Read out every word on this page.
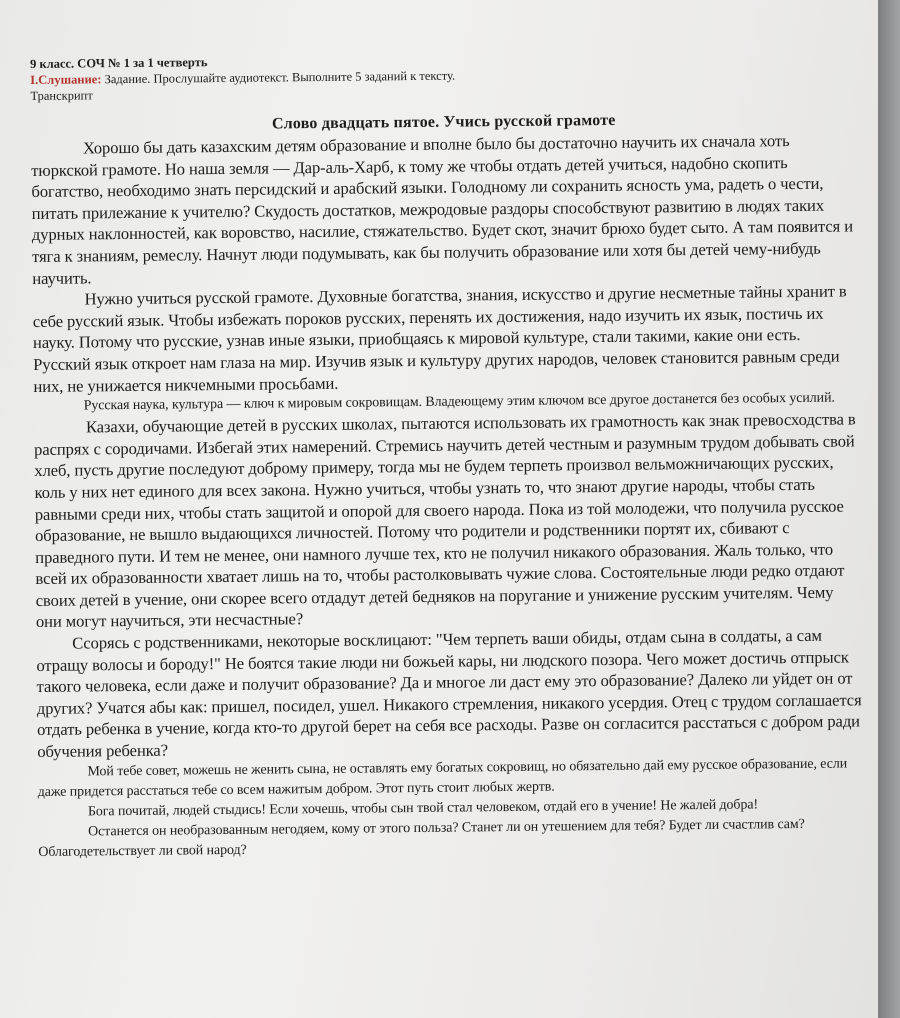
9 класс. СОЧ № 1 за 1 четверть
I.Слушание: Задание. Прослушайте аудиотекст. Выполните 5 заданий к тексту.
Транскрипт
Слово двадцать пятое. Учись русской грамоте

Хорошо бы дать казахским детям образование и вполне было бы достаточно научить их сначала хоть тюркской грамоте. Но наша земля — Дар-аль-Харб, к тому же чтобы отдать детей учиться, надобно скопить богатство, необходимо знать персидский и арабский языки. Голодному ли сохранить ясность ума, радеть о чести, питать прилежание к учителю? Скудость достатков, межродовые раздоры способствуют развитию в людях таких дурных наклонностей, как воровство, насилие, стяжательство. Будет скот, значит брюхо будет сыто. А там появится и тяга к знаниям, ремеслу. Начнут люди подумывать, как бы получить образование или хотя бы детей чему-нибудь научить.

Нужно учиться русской грамоте. Духовные богатства, знания, искусство и другие несметные тайны хранит в себе русский язык. Чтобы избежать пороков русских, перенять их достижения, надо изучить их язык, постичь их науку. Потому что русские, узнав иные языки, приобщаясь к мировой культуре, стали такими, какие они есть. Русский язык откроет нам глаза на мир. Изучив язык и культуру других народов, человек становится равным среди них, не унижается никчемными просьбами.

Русская наука, культура — ключ к мировым сокровищам. Владеющему этим ключом все другое достанется без особых усилий.

Казахи, обучающие детей в русских школах, пытаются использовать их грамотность как знак превосходства в распрях с сородичами. Избегай этих намерений. Стремись научить детей честным и разумным трудом добывать свой хлеб, пусть другие последуют доброму примеру, тогда мы не будем терпеть произвол вельможничающих русских, коль у них нет единого для всех закона. Нужно учиться, чтобы узнать то, что знают другие народы, чтобы стать равными среди них, чтобы стать защитой и опорой для своего народа. Пока из той молодежи, что получила русское образование, не вышло выдающихся личностей. Потому что родители и родственники портят их, сбивают с праведного пути. И тем не менее, они намного лучше тех, кто не получил никакого образования. Жаль только, что всей их образованности хватает лишь на то, чтобы растолковывать чужие слова. Состоятельные люди редко отдают своих детей в учение, они скорее всего отдадут детей бедняков на поругание и унижение русским учителям. Чему они могут научиться, эти несчастные?

Ссорясь с родственниками, некоторые восклицают: "Чем терпеть ваши обиды, отдам сына в солдаты, а сам отращу волосы и бороду!" Не боятся такие люди ни божьей кары, ни людского позора. Чего может достичь отпрыск такого человека, если даже и получит образование? Да и многое ли даст ему это образование? Далеко ли уйдет он от других? Учатся абы как: пришел, посидел, ушел. Никакого стремления, никакого усердия. Отец с трудом соглашается отдать ребенка в учение, когда кто-то другой берет на себя все расходы. Разве он согласится расстаться с добром ради обучения ребенка?

Мой тебе совет, можешь не женить сына, не оставлять ему богатых сокровищ, но обязательно дай ему русское образование, если даже придется расстаться тебе со всем нажитым добром. Этот путь стоит любых жертв.

Бога почитай, людей стыдись! Если хочешь, чтобы сын твой стал человеком, отдай его в учение! Не жалей добра!

Останется он необразованным негодяем, кому от этого польза? Станет ли он утешением для тебя? Будет ли счастлив сам? Облагодетельствует ли свой народ?
